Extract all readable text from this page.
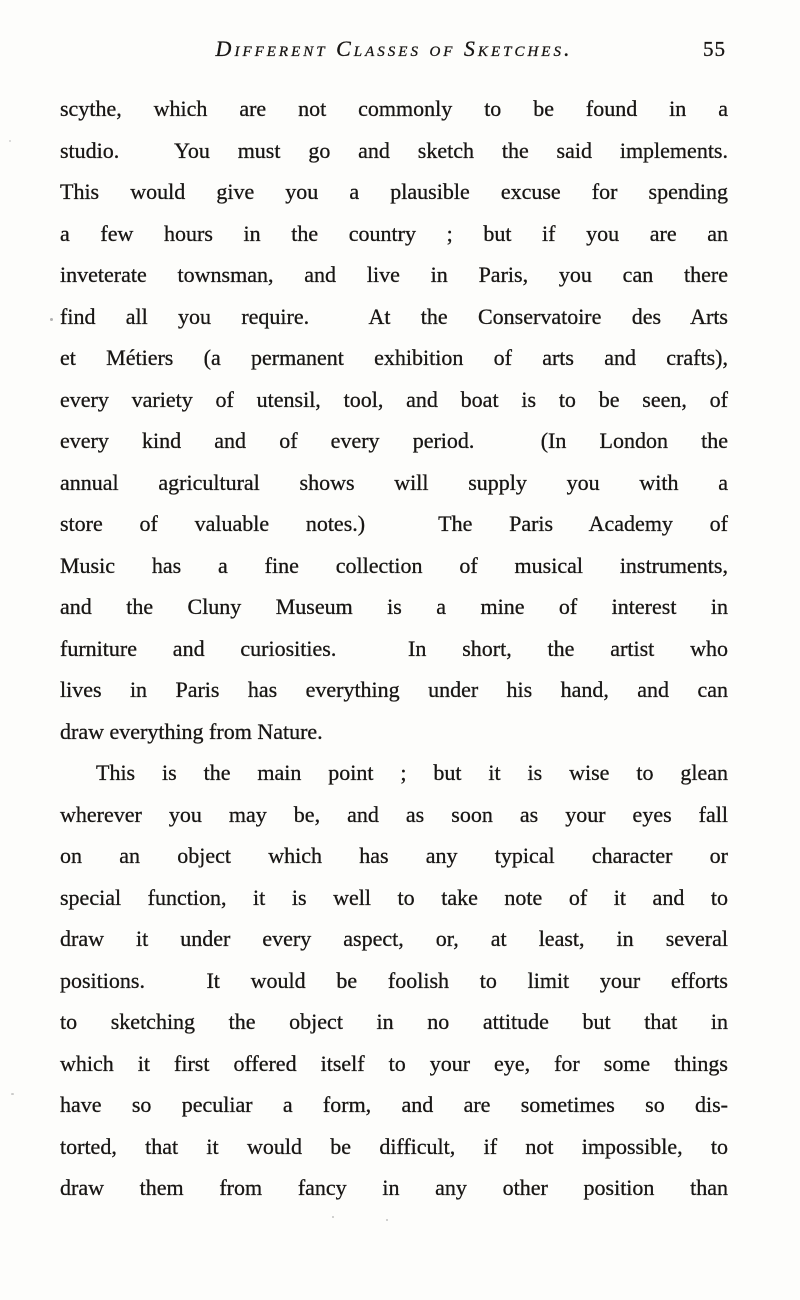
Different Classes of Sketches.	55
scythe, which are not commonly to be found in a
studio.  You must go and sketch the said implements.
This would give you a plausible excuse for spending
a few hours in the country ; but if you are an
inveterate townsman, and live in Paris, you can there
find all you require.  At the Conservatoire des Arts
et Métiers (a permanent exhibition of arts and crafts),
every variety of utensil, tool, and boat is to be seen, of
every kind and of every period.  (In London the
annual agricultural shows will supply you with a
store of valuable notes.)  The Paris Academy of
Music has a fine collection of musical instruments,
and the Cluny Museum is a mine of interest in
furniture and curiosities.  In short, the artist who
lives in Paris has everything under his hand, and can
draw everything from Nature.
This is the main point ; but it is wise to glean
wherever you may be, and as soon as your eyes fall
on an object which has any typical character or
special function, it is well to take note of it and to
draw it under every aspect, or, at least, in several
positions.  It would be foolish to limit your efforts
to sketching the object in no attitude but that in
which it first offered itself to your eye, for some things
have so peculiar a form, and are sometimes so dis-
torted, that it would be difficult, if not impossible, to
draw them from fancy in any other position than
